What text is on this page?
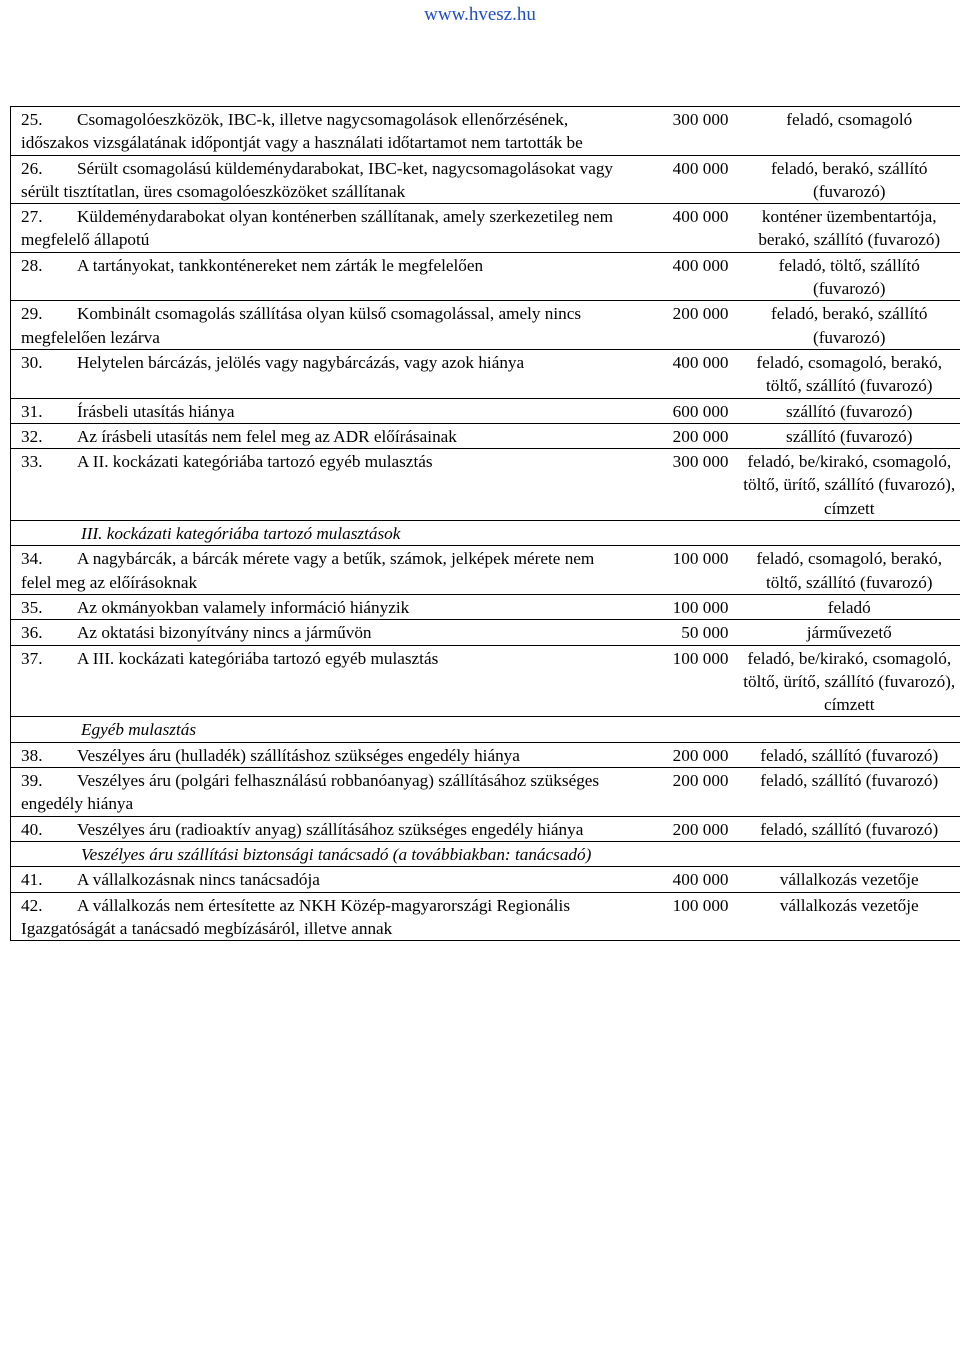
www.hvesz.hu
25. Csomagolóeszközök, IBC-k, illetve nagycsomagolások ellenőrzésének, időszakos vizsgálatának időpontját vagy a használati időtartamot nem tartották be		300 000	feladó, csomagoló

26. Sérült csomagolású küldeménydarabokat, IBC-ket, nagycsomagolásokat vagy sérült tisztítatlan, üres csomagolóeszközöket szállítanak		400 000	feladó, berakó, szállító (fuvarozó)

27. Küldeménydarabokat olyan konténerben szállítanak, amely szerkezetileg nem megfelelő állapotú		400 000	konténer üzembentartója, berakó, szállító (fuvarozó)

28. A tartányokat, tankkonténereket nem zárták le megfelelően		400 000	feladó, töltő, szállító (fuvarozó)

29. Kombinált csomagolás szállítása olyan külső csomagolással, amely nincs megfelelően lezárva		200 000	feladó, berakó, szállító (fuvarozó)

30. Helytelen bárcázás, jelölés vagy nagybárcázás, vagy azok hiánya		400 000	feladó, csomagoló, berakó, töltő, szállító (fuvarozó)

31. Írásbeli utasítás hiánya		600 000	szállító (fuvarozó)

32. Az írásbeli utasítás nem felel meg az ADR előírásainak		200 000	szállító (fuvarozó)

33. A II. kockázati kategóriába tartozó egyéb mulasztás		300 000	feladó, be/kirakó, csomagoló, töltő, ürítő, szállító (fuvarozó), címzett

III. kockázati kategóriába tartozó mulasztások			

34. A nagybárcák, a bárcák mérete vagy a betűk, számok, jelképek mérete nem felel meg az előírásoknak		100 000	feladó, csomagoló, berakó, töltő, szállító (fuvarozó)

35. Az okmányokban valamely információ hiányzik		100 000	feladó

36. Az oktatási bizonyítvány nincs a járművön		50 000	járművezető

37. A III. kockázati kategóriába tartozó egyéb mulasztás		100 000	feladó, be/kirakó, csomagoló, töltő, ürítő, szállító (fuvarozó), címzett

Egyéb mulasztás			

38. Veszélyes áru (hulladék) szállításhoz szükséges engedély hiánya		200 000	feladó, szállító (fuvarozó)

39. Veszélyes áru (polgári felhasználású robbanóanyag) szállításához szükséges engedély hiánya		200 000	feladó, szállító (fuvarozó)

40. Veszélyes áru (radioaktív anyag) szállításához szükséges engedély hiánya		200 000	feladó, szállító (fuvarozó)

Veszélyes áru szállítási biztonsági tanácsadó (a továbbiakban: tanácsadó)			

41. A vállalkozásnak nincs tanácsadója		400 000	vállalkozás vezetője

42. A vállalkozás nem értesítette az NKH Közép-magyarországi Regionális Igazgatóságát a tanácsadó megbízásáról, illetve annak		100 000	vállalkozás vezetője
